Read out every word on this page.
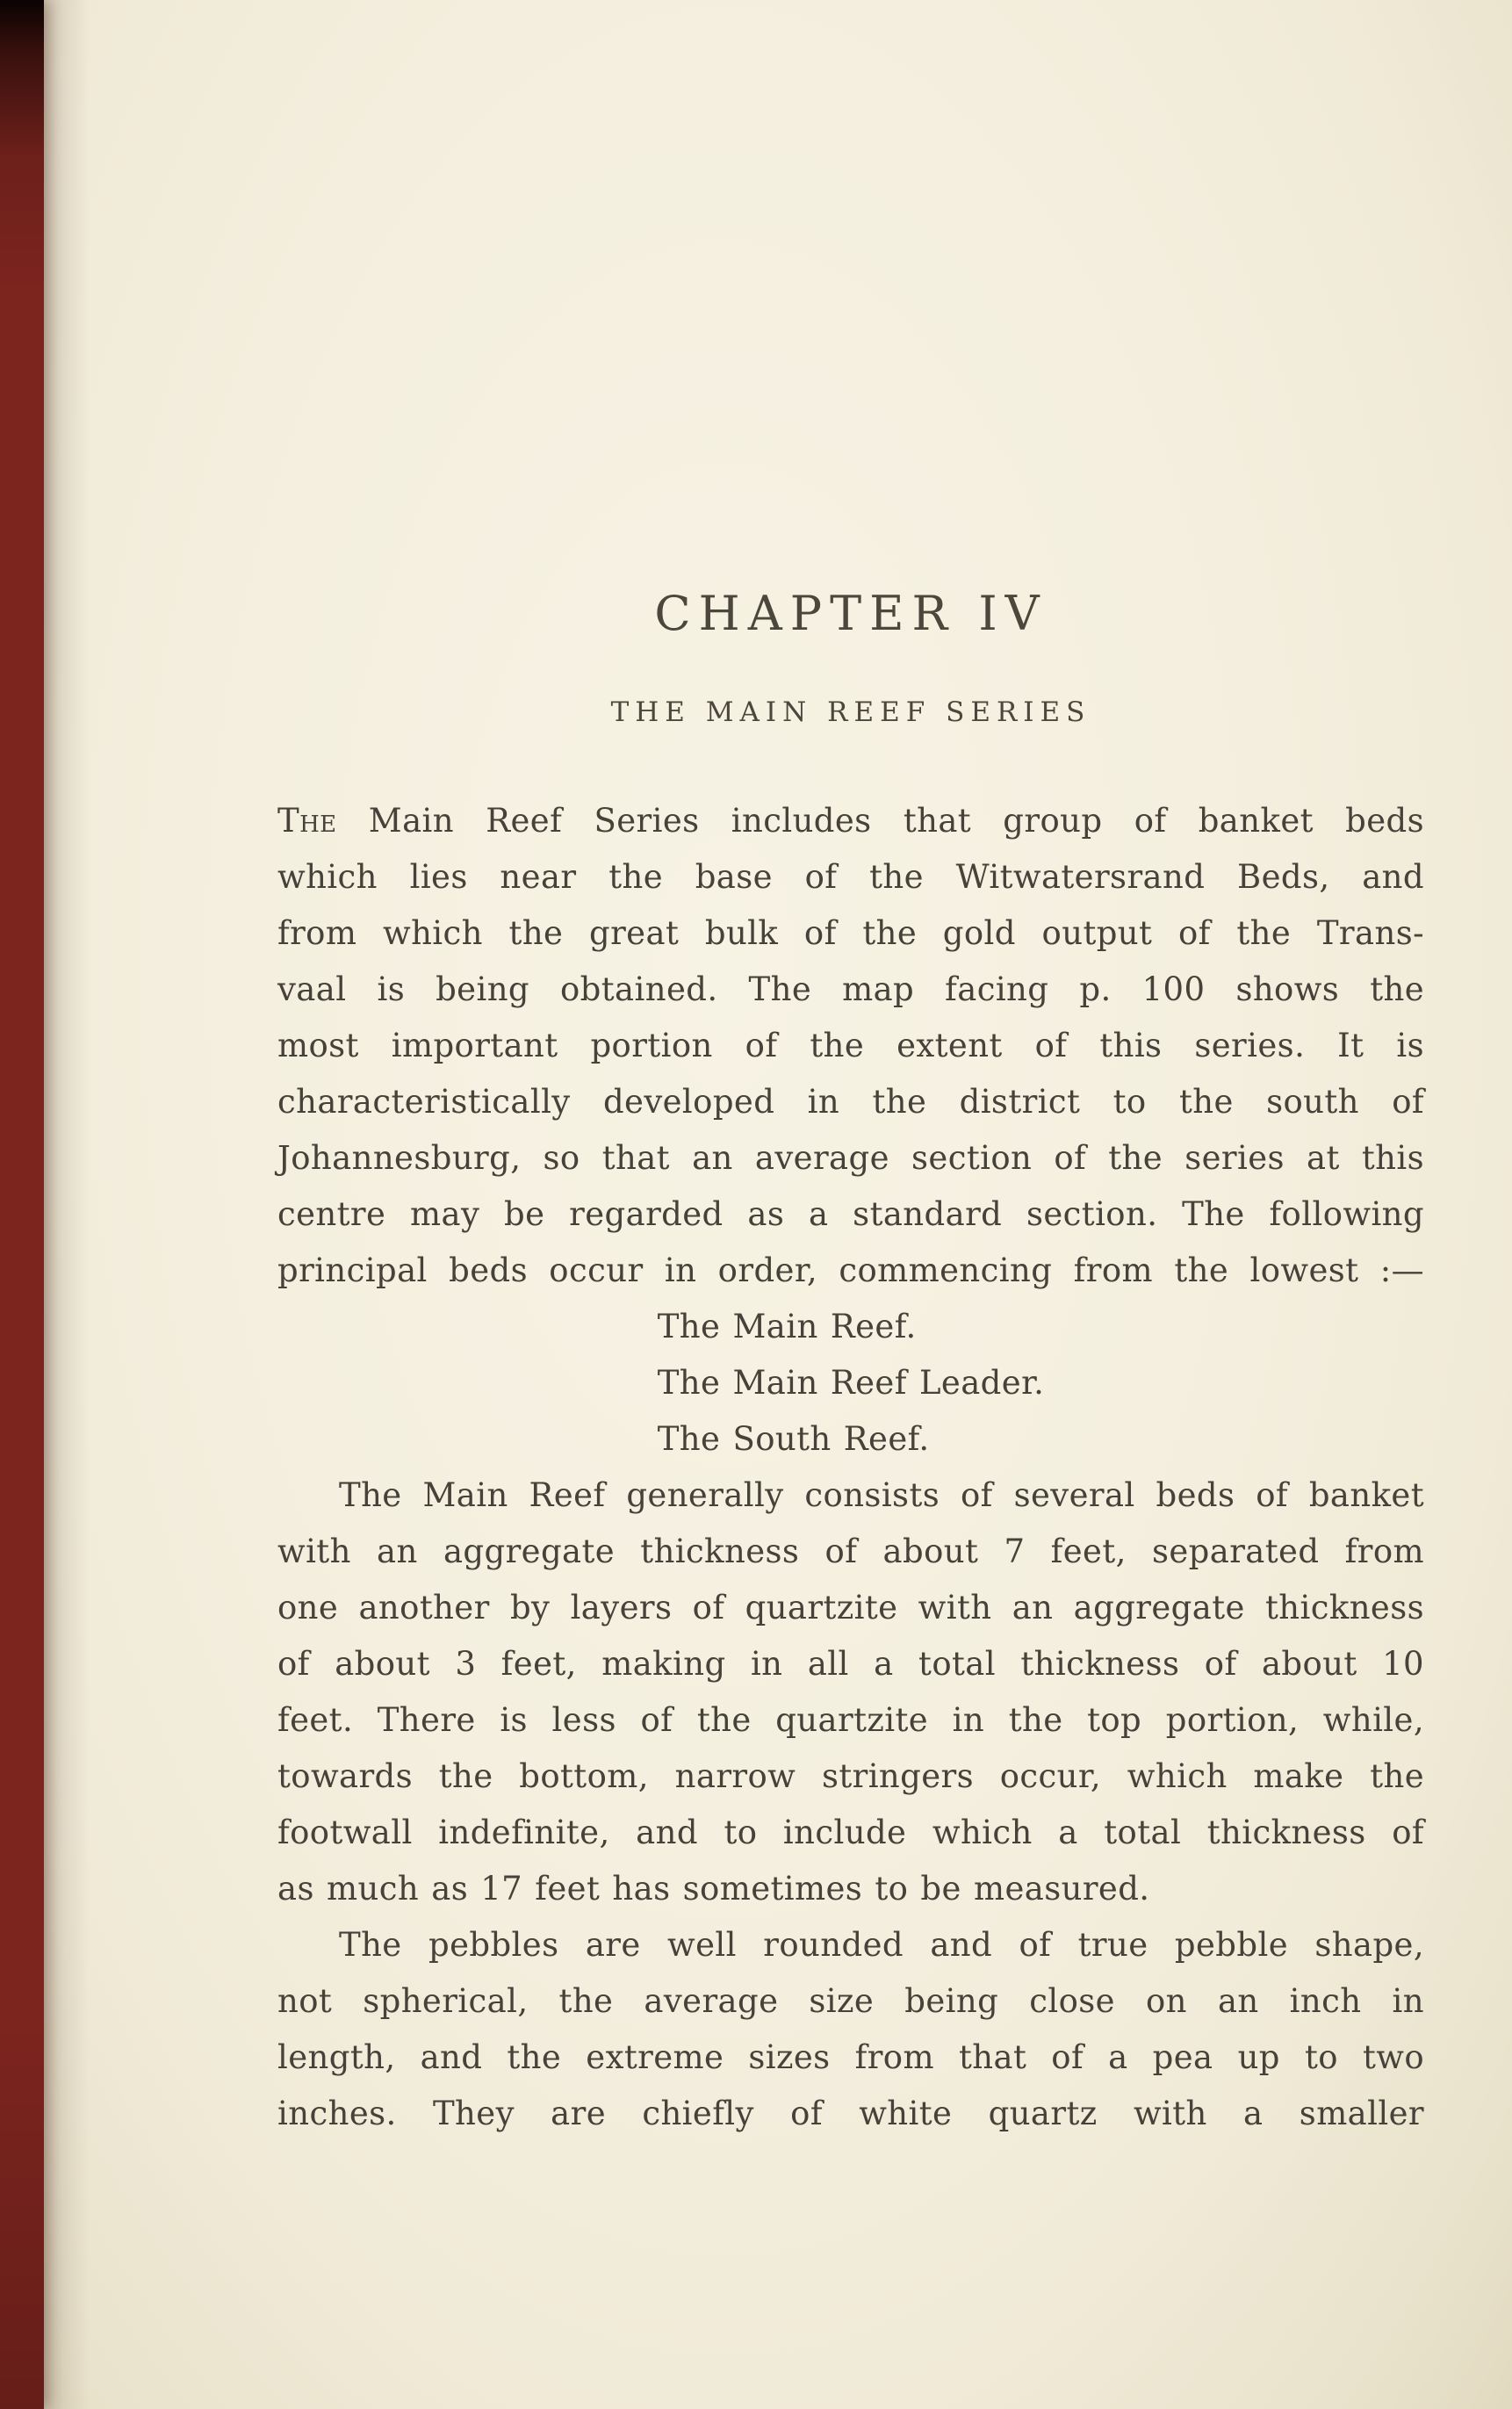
CHAPTER IV
THE MAIN REEF SERIES
The Main Reef Series includes that group of banket beds
which lies near the base of the Witwatersrand Beds, and
from which the great bulk of the gold output of the Trans-
vaal is being obtained. The map facing p. 100 shows the
most important portion of the extent of this series. It is
characteristically developed in the district to the south of
Johannesburg, so that an average section of the series at this
centre may be regarded as a standard section. The following
principal beds occur in order, commencing from the lowest :—
The Main Reef.
The Main Reef Leader.
The South Reef.
The Main Reef generally consists of several beds of banket
with an aggregate thickness of about 7 feet, separated from
one another by layers of quartzite with an aggregate thickness
of about 3 feet, making in all a total thickness of about 10
feet. There is less of the quartzite in the top portion, while,
towards the bottom, narrow stringers occur, which make the
footwall indefinite, and to include which a total thickness of
as much as 17 feet has sometimes to be measured.
The pebbles are well rounded and of true pebble shape,
not spherical, the average size being close on an inch in
length, and the extreme sizes from that of a pea up to two
inches. They are chiefly of white quartz with a smaller
